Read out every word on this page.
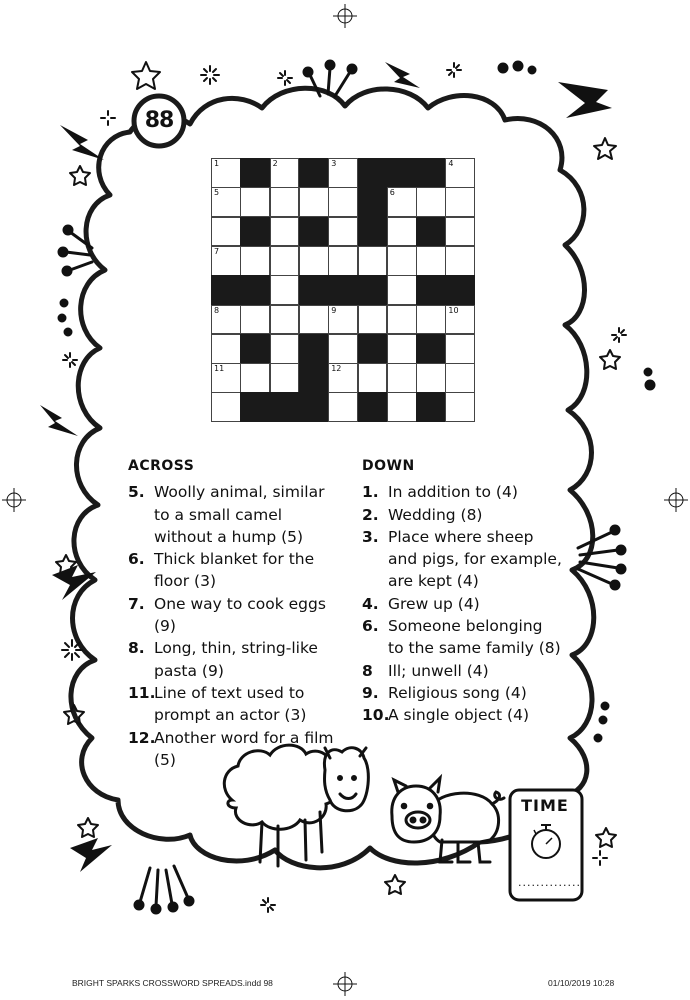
88
1	2	3	4
5	6
7
8	9	10
11	12
ACROSS
5. Woolly animal, similar to a small camel without a hump (5)
6. Thick blanket for the floor (3)
7. One way to cook eggs (9)
8. Long, thin, string-like pasta (9)
11.
Line of text used to prompt an actor (3)
12.
Another word for a film (5)
DOWN
1. In addition to (4)
2. Wedding (8)
3. Place where sheep and pigs, for example, are kept (4)
4. Grew up (4)
6. Someone belonging to the same family (8)
8 Ill; unwell (4)
9. Religious song (4)
10.
A single object (4)
TIME
...............
BRIGHT SPARKS CROSSWORD SPREADS.indd 98	01/10/2019 10:28
